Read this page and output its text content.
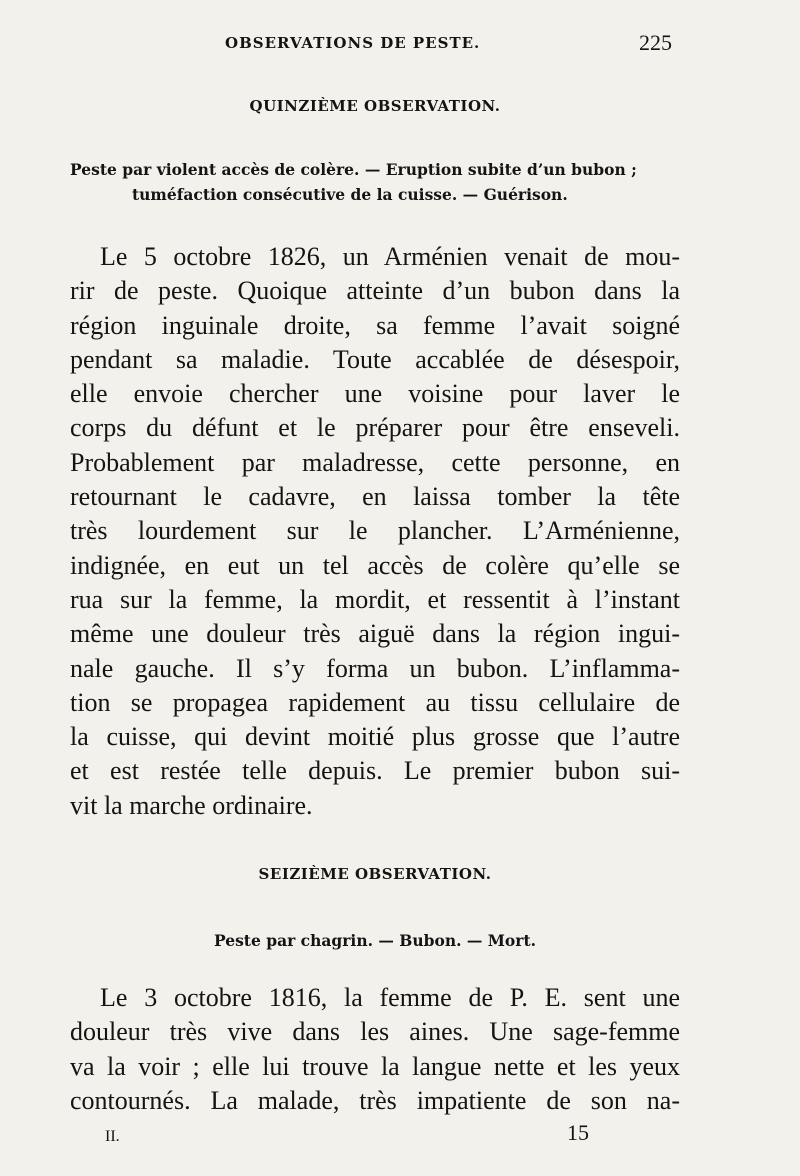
OBSERVATIONS DE PESTE.	225
QUINZIÈME OBSERVATION.
Peste par violent accès de colère. — Eruption subite d’un bubon ;
tuméfaction consécutive de la cuisse. — Guérison.
Le 5 octobre 1826, un Arménien venait de mou-
rir de peste. Quoique atteinte d’un bubon dans la
région inguinale droite, sa femme l’avait soigné
pendant sa maladie. Toute accablée de désespoir,
elle envoie chercher une voisine pour laver le
corps du défunt et le préparer pour être enseveli.
Probablement par maladresse, cette personne, en
retournant le cadavre, en laissa tomber la tête
très lourdement sur le plancher. L’Arménienne,
indignée, en eut un tel accès de colère qu’elle se
rua sur la femme, la mordit, et ressentit à l’instant
même une douleur très aiguë dans la région ingui-
nale gauche. Il s’y forma un bubon. L’inflamma-
tion se propagea rapidement au tissu cellulaire de
la cuisse, qui devint moitié plus grosse que l’autre
et est restée telle depuis. Le premier bubon sui-
vit la marche ordinaire.
SEIZIÈME OBSERVATION.
Peste par chagrin. — Bubon. — Mort.
Le 3 octobre 1816, la femme de P. E. sent une
douleur très vive dans les aines. Une sage-femme
va la voir ; elle lui trouve la langue nette et les yeux
contournés. La malade, très impatiente de son na-
II.	15
